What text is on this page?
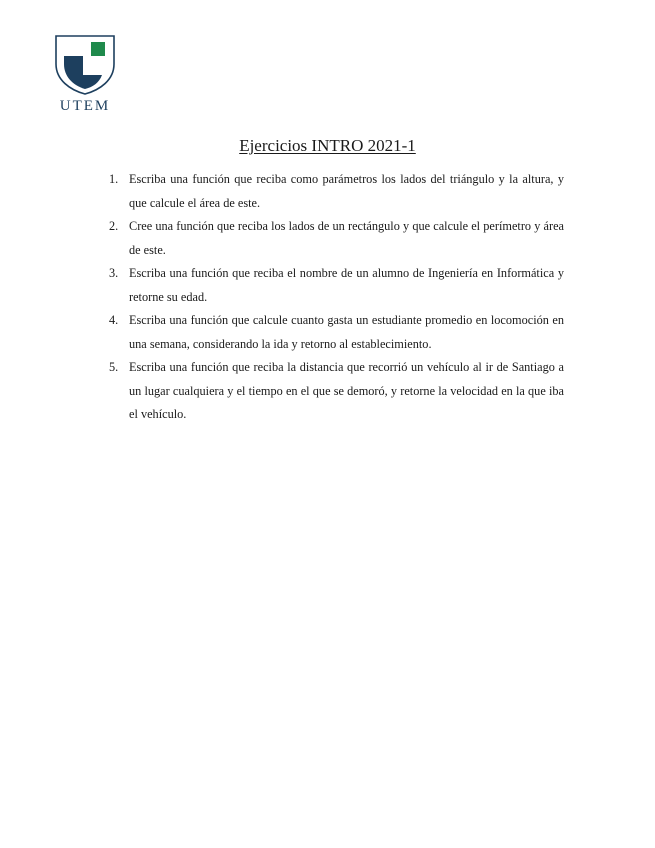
UTEM
Ejercicios INTRO 2021-1
1. Escriba una función que reciba como parámetros los lados del triángulo y la altura, y que calcule el área de este.
2. Cree una función que reciba los lados de un rectángulo y que calcule el perímetro y área de este.
3. Escriba una función que reciba el nombre de un alumno de Ingeniería en Informática y retorne su edad.
4. Escriba una función que calcule cuanto gasta un estudiante promedio en locomoción en una semana, considerando la ida y retorno al establecimiento.
5. Escriba una función que reciba la distancia que recorrió un vehículo al ir de Santiago a un lugar cualquiera y el tiempo en el que se demoró, y retorne la velocidad en la que iba el vehículo.
